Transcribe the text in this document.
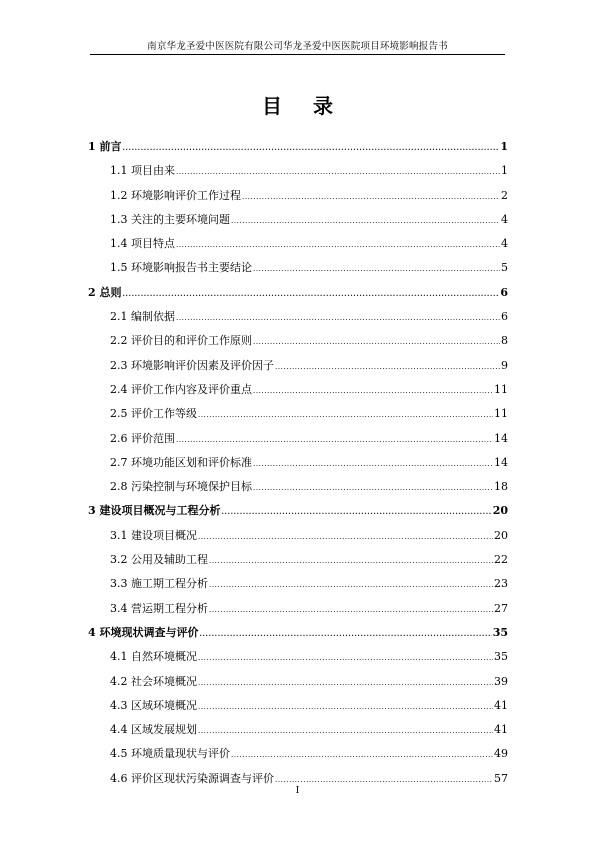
南京华龙圣爱中医医院有限公司华龙圣爱中医医院项目环境影响报告书
目 录
1 前言 .....	1
1.1 项目由来 .....	1
1.2 环境影响评价工作过程 .....	2
1.3 关注的主要环境问题 .....	4
1.4 项目特点 .....	4
1.5 环境影响报告书主要结论 .....	5
2 总则 .....	6
2.1 编制依据 .....	6
2.2 评价目的和评价工作原则 .....	8
2.3 环境影响评价因素及评价因子 .....	9
2.4 评价工作内容及评价重点 .....	11
2.5 评价工作等级 .....	11
2.6 评价范围 .....	14
2.7 环境功能区划和评价标准 .....	14
2.8 污染控制与环境保护目标 .....	18
3 建设项目概况与工程分析 .....	20
3.1 建设项目概况 .....	20
3.2 公用及辅助工程 .....	22
3.3 施工期工程分析 .....	23
3.4 营运期工程分析 .....	27
4 环境现状调查与评价 .....	35
4.1 自然环境概况 .....	35
4.2 社会环境概况 .....	39
4.3 区域环境概况 .....	41
4.4 区域发展规划 .....	41
4.5 环境质量现状与评价 .....	49
4.6 评价区现状污染源调查与评价 .....	57
I
